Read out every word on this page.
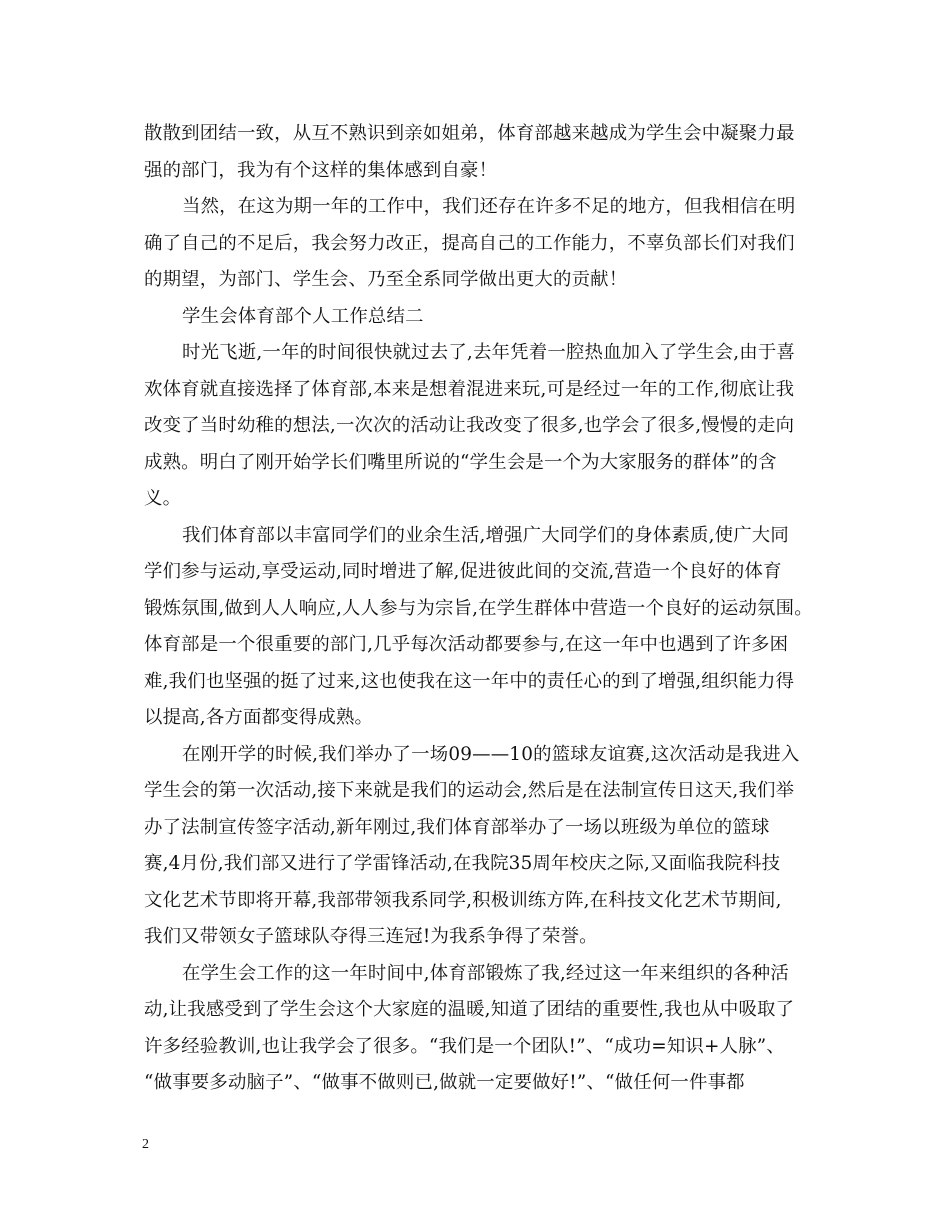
散散到团结一致，从互不熟识到亲如姐弟，体育部越来越成为学生会中凝聚力最
强的部门，我为有个这样的集体感到自豪！
当然，在这为期一年的工作中，我们还存在许多不足的地方，但我相信在明
确了自己的不足后，我会努力改正，提高自己的工作能力，不辜负部长们对我们
的期望，为部门、学生会、乃至全系同学做出更大的贡献！
学生会体育部个人工作总结二
时光飞逝,一年的时间很快就过去了,去年凭着一腔热血加入了学生会,由于喜
欢体育就直接选择了体育部,本来是想着混进来玩,可是经过一年的工作,彻底让我
改变了当时幼稚的想法,一次次的活动让我改变了很多,也学会了很多,慢慢的走向
成熟。明白了刚开始学长们嘴里所说的“学生会是一个为大家服务的群体”的含
义。
我们体育部以丰富同学们的业余生活,增强广大同学们的身体素质,使广大同
学们参与运动,享受运动,同时增进了解,促进彼此间的交流,营造一个良好的体育
锻炼氛围,做到人人响应,人人参与为宗旨,在学生群体中营造一个良好的运动氛围。
体育部是一个很重要的部门,几乎每次活动都要参与,在这一年中也遇到了许多困
难,我们也坚强的挺了过来,这也使我在这一年中的责任心的到了增强,组织能力得
以提高,各方面都变得成熟。
在刚开学的时候,我们举办了一场09——10的篮球友谊赛,这次活动是我进入
学生会的第一次活动,接下来就是我们的运动会,然后是在法制宣传日这天,我们举
办了法制宣传签字活动,新年刚过,我们体育部举办了一场以班级为单位的篮球
赛,4月份,我们部又进行了学雷锋活动,在我院35周年校庆之际,又面临我院科技
文化艺术节即将开幕,我部带领我系同学,积极训练方阵,在科技文化艺术节期间,
我们又带领女子篮球队夺得三连冠!为我系争得了荣誉。
在学生会工作的这一年时间中,体育部锻炼了我,经过这一年来组织的各种活
动,让我感受到了学生会这个大家庭的温暖,知道了团结的重要性,我也从中吸取了
许多经验教训,也让我学会了很多。“我们是一个团队!”、“成功=知识+人脉”、
“做事要多动脑子”、“做事不做则已,做就一定要做好!”、“做任何一件事都
2
